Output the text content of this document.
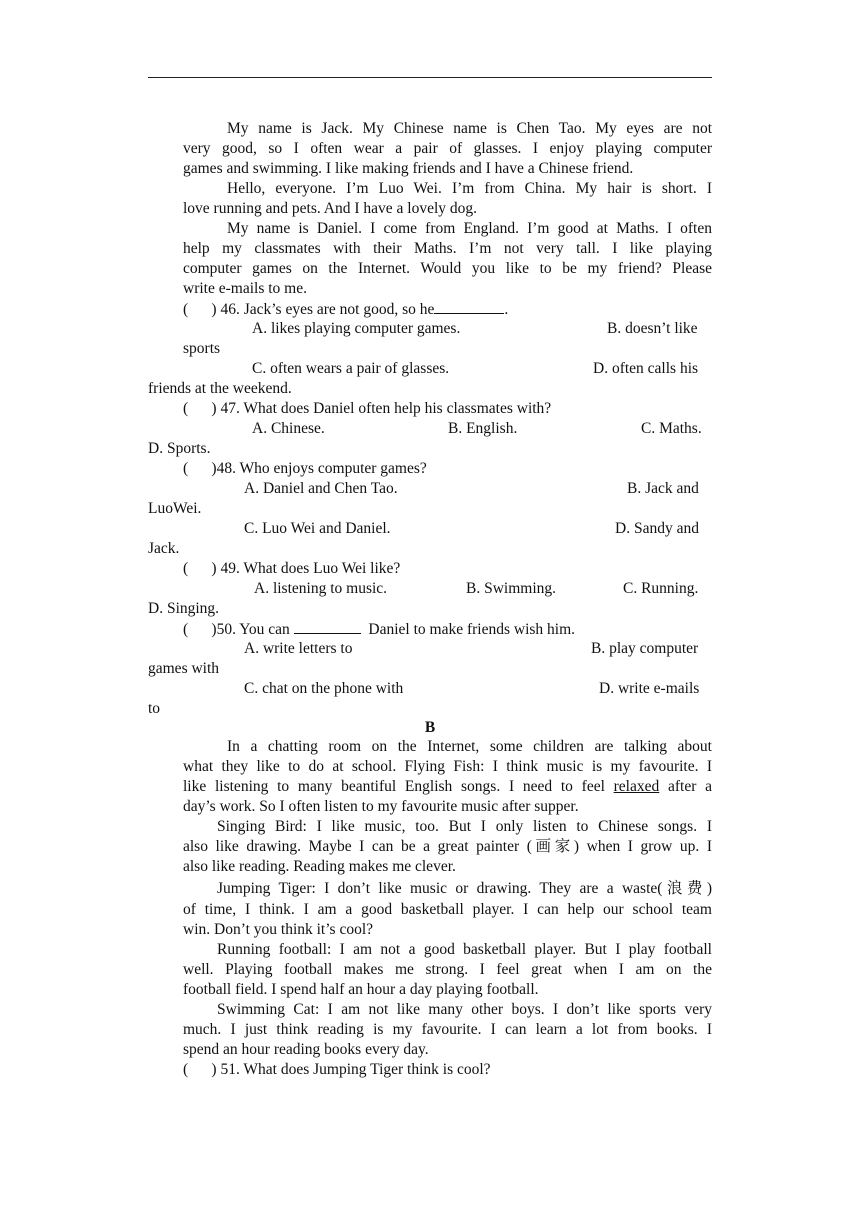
My name is Jack. My Chinese name is Chen Tao. My eyes are not
very good, so I often wear a pair of glasses. I enjoy playing computer
games and swimming. I like making friends and I have a Chinese friend.
Hello, everyone. I’m Luo Wei. I’m from China. My hair is short. I
love running and pets. And I have a lovely dog.
My name is Daniel. I come from England. I’m good at Maths. I often
help my classmates with their Maths. I’m not very tall. I like playing
computer games on the Internet. Would you like to be my friend? Please
write e-mails to me.
(      ) 46. Jack’s eyes are not good, so he	.
A. likes playing computer games.	B. doesn’t like
sports
C. often wears a pair of glasses.	D. often calls his
friends at the weekend.
(      ) 47. What does Daniel often help his classmates with?
A. Chinese.	B. English.	C. Maths.
D. Sports.
(      )48. Who enjoys computer games?
A. Daniel and Chen Tao.	B. Jack and
LuoWei.
C. Luo Wei and Daniel.	D. Sandy and
Jack.
(      ) 49. What does Luo Wei like?
A. listening to music.	B. Swimming.	C. Running.
D. Singing.
(      )50. You can	Daniel to make friends wish him.
A. write letters to	B. play computer
games with
C. chat on the phone with	D. write e-mails
to
B
In a chatting room on the Internet, some children are talking about
what they like to do at school. Flying Fish: I think music is my favourite. I
like listening to many beantiful English songs. I need to feel relaxed after a
day’s work. So I often listen to my favourite music after supper.
Singing Bird: I like music, too. But I only listen to Chinese songs. I
also like drawing. Maybe I can be a great painter (画家) when I grow up. I
also like reading. Reading makes me clever.
Jumping Tiger: I don’t like music or drawing. They are a waste(浪费)
of time, I think. I am a good basketball player. I can help our school team
win. Don’t you think it’s cool?
Running football: I am not a good basketball player. But I play football
well. Playing football makes me strong. I feel great when I am on the
football field. I spend half an hour a day playing football.
Swimming Cat: I am not like many other boys. I don’t like sports very
much. I just think reading is my favourite. I can learn a lot from books. I
spend an hour reading books every day.
(      ) 51. What does Jumping Tiger think is cool?
